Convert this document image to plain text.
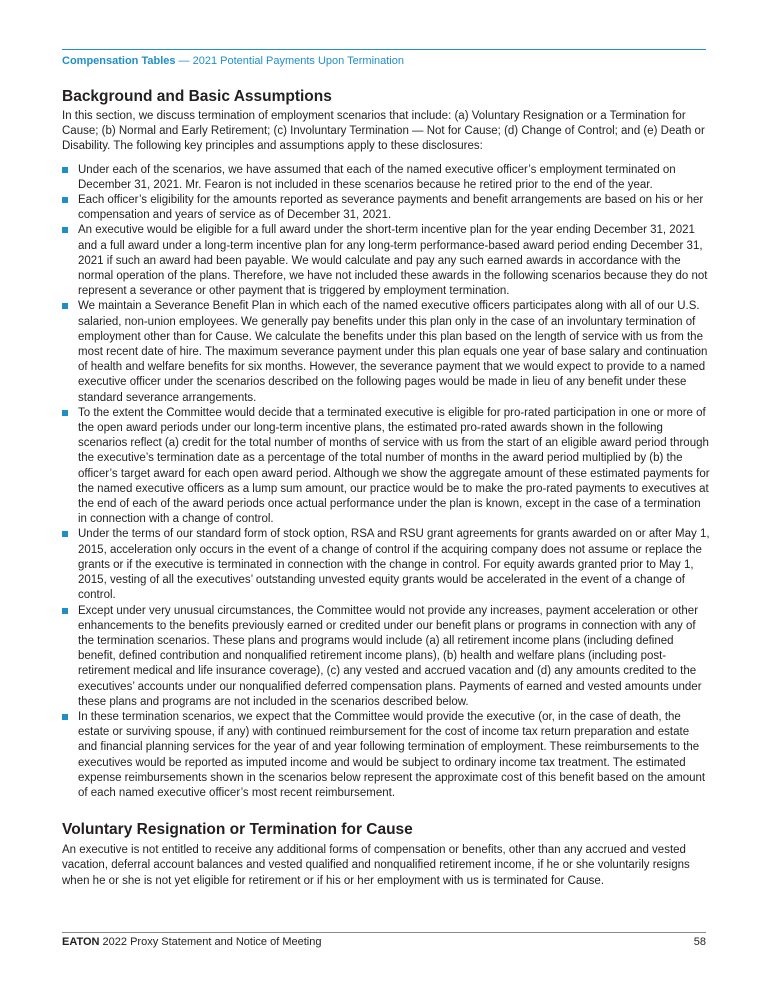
Compensation Tables — 2021 Potential Payments Upon Termination
Background and Basic Assumptions

In this section, we discuss termination of employment scenarios that include: (a) Voluntary Resignation or a Termination for Cause; (b) Normal and Early Retirement; (c) Involuntary Termination — Not for Cause; (d) Change of Control; and (e) Death or Disability. The following key principles and assumptions apply to these disclosures:

Under each of the scenarios, we have assumed that each of the named executive officer’s employment terminated on December 31, 2021. Mr. Fearon is not included in these scenarios because he retired prior to the end of the year.
Each officer’s eligibility for the amounts reported as severance payments and benefit arrangements are based on his or her compensation and years of service as of December 31, 2021.
An executive would be eligible for a full award under the short-term incentive plan for the year ending December 31, 2021 and a full award under a long-term incentive plan for any long-term performance-based award period ending December 31, 2021 if such an award had been payable. We would calculate and pay any such earned awards in accordance with the normal operation of the plans. Therefore, we have not included these awards in the following scenarios because they do not represent a severance or other payment that is triggered by employment termination.
We maintain a Severance Benefit Plan in which each of the named executive officers participates along with all of our U.S. salaried, non-union employees. We generally pay benefits under this plan only in the case of an involuntary termination of employment other than for Cause. We calculate the benefits under this plan based on the length of service with us from the most recent date of hire. The maximum severance payment under this plan equals one year of base salary and continuation of health and welfare benefits for six months. However, the severance payment that we would expect to provide to a named executive officer under the scenarios described on the following pages would be made in lieu of any benefit under these standard severance arrangements.
To the extent the Committee would decide that a terminated executive is eligible for pro-rated participation in one or more of the open award periods under our long-term incentive plans, the estimated pro-rated awards shown in the following scenarios reflect (a) credit for the total number of months of service with us from the start of an eligible award period through the executive’s termination date as a percentage of the total number of months in the award period multiplied by (b) the officer’s target award for each open award period. Although we show the aggregate amount of these estimated payments for the named executive officers as a lump sum amount, our practice would be to make the pro-rated payments to executives at the end of each of the award periods once actual performance under the plan is known, except in the case of a termination in connection with a change of control.
Under the terms of our standard form of stock option, RSA and RSU grant agreements for grants awarded on or after May 1, 2015, acceleration only occurs in the event of a change of control if the acquiring company does not assume or replace the grants or if the executive is terminated in connection with the change in control. For equity awards granted prior to May 1, 2015, vesting of all the executives’ outstanding unvested equity grants would be accelerated in the event of a change of control.
Except under very unusual circumstances, the Committee would not provide any increases, payment acceleration or other enhancements to the benefits previously earned or credited under our benefit plans or programs in connection with any of the termination scenarios. These plans and programs would include (a) all retirement income plans (including defined benefit, defined contribution and nonqualified retirement income plans), (b) health and welfare plans (including post-retirement medical and life insurance coverage), (c) any vested and accrued vacation and (d) any amounts credited to the executives’ accounts under our nonqualified deferred compensation plans. Payments of earned and vested amounts under these plans and programs are not included in the scenarios described below.
In these termination scenarios, we expect that the Committee would provide the executive (or, in the case of death, the estate or surviving spouse, if any) with continued reimbursement for the cost of income tax return preparation and estate and financial planning services for the year of and year following termination of employment. These reimbursements to the executives would be reported as imputed income and would be subject to ordinary income tax treatment. The estimated expense reimbursements shown in the scenarios below represent the approximate cost of this benefit based on the amount of each named executive officer’s most recent reimbursement.
Voluntary Resignation or Termination for Cause

An executive is not entitled to receive any additional forms of compensation or benefits, other than any accrued and vested vacation, deferral account balances and vested qualified and nonqualified retirement income, if he or she voluntarily resigns when he or she is not yet eligible for retirement or if his or her employment with us is terminated for Cause.

EATON 2022 Proxy Statement and Notice of Meeting	58
